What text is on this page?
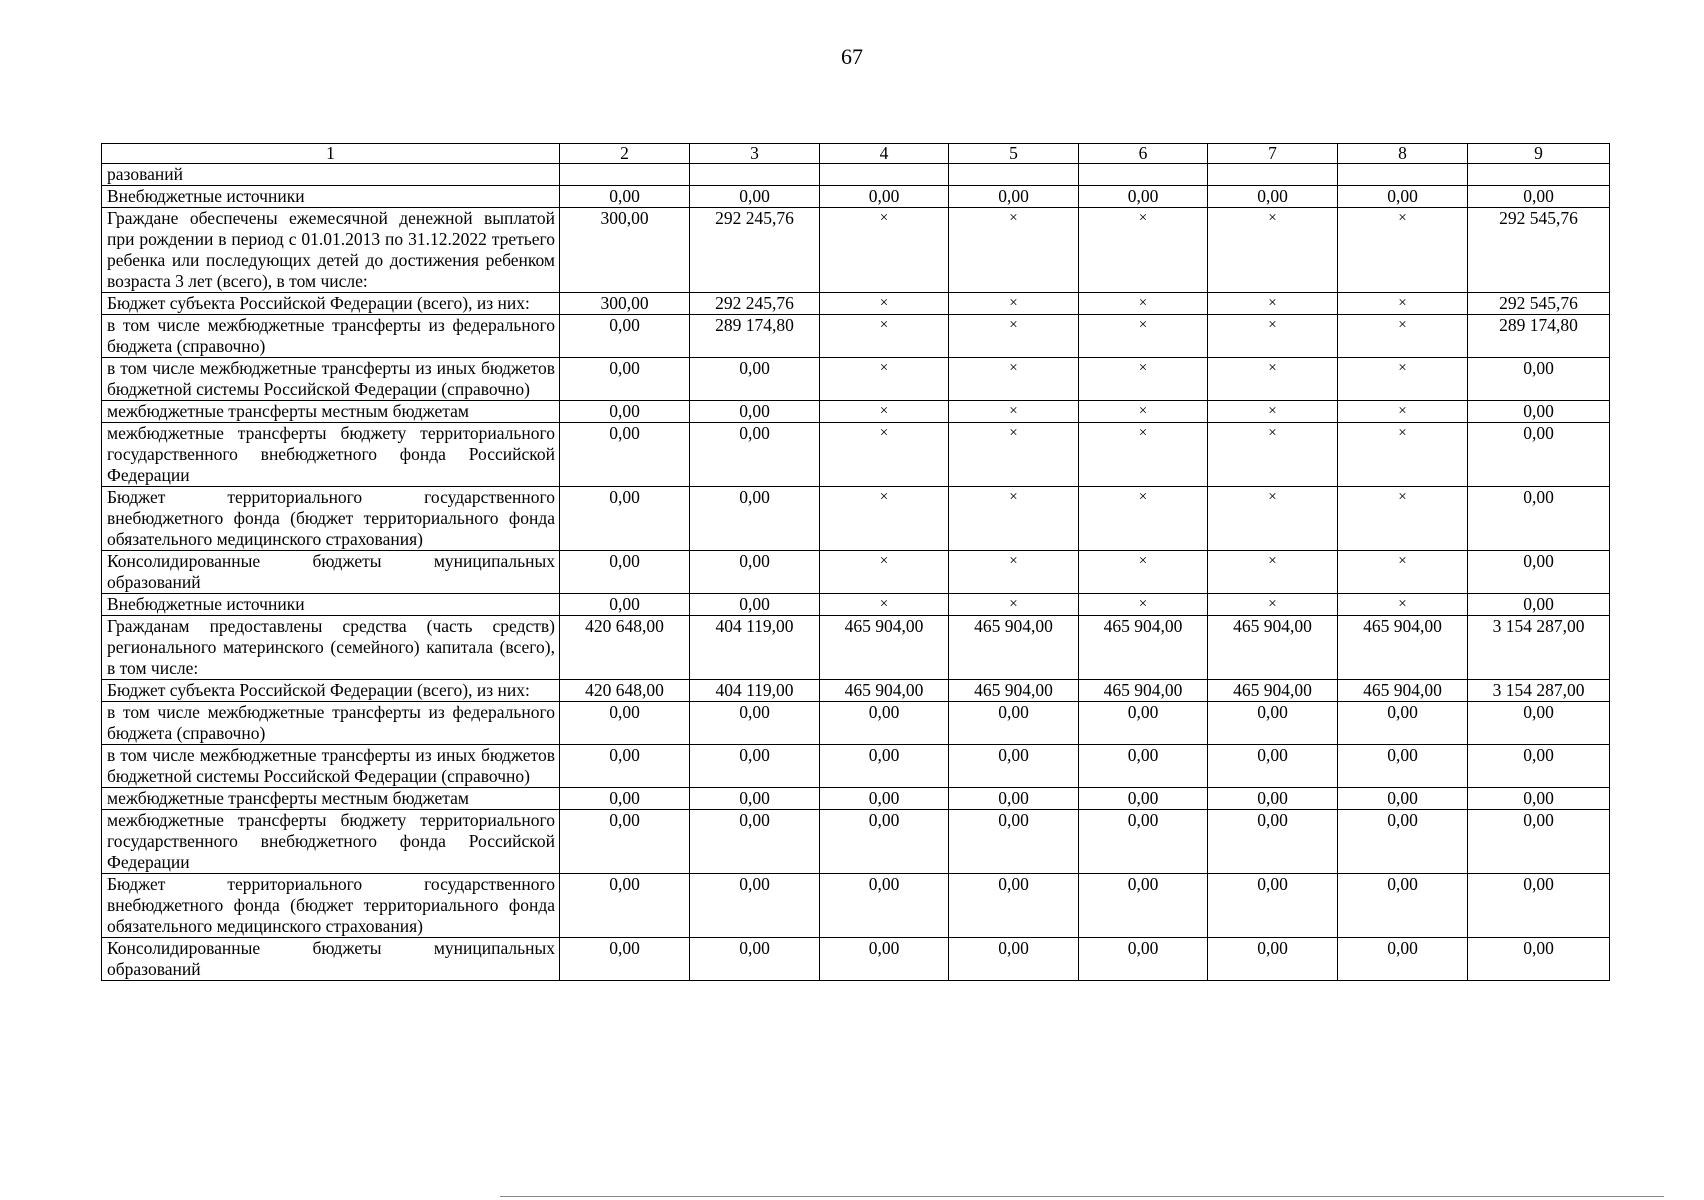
67
1	2	3	4	5	6	7	8	9
разований								
Внебюджетные источники	0,00	0,00	0,00	0,00	0,00	0,00	0,00	0,00
Граждане обеспечены ежемесячной денежной выплатой при рождении в период с 01.01.2013 по 31.12.2022 третьего ребенка или последующих детей до достижения ребенком возраста 3 лет (всего), в том числе:	300,00	292 245,76	×	×	×	×	×	292 545,76
Бюджет субъекта Российской Федерации (всего), из них:	300,00	292 245,76	×	×	×	×	×	292 545,76
в том числе межбюджетные трансферты из федерального бюджета (справочно)	0,00	289 174,80	×	×	×	×	×	289 174,80
в том числе межбюджетные трансферты из иных бюджетов бюджетной системы Российской Федерации (справочно)	0,00	0,00	×	×	×	×	×	0,00
межбюджетные трансферты местным бюджетам	0,00	0,00	×	×	×	×	×	0,00
межбюджетные трансферты бюджету территориального государственного внебюджетного фонда Российской Федерации	0,00	0,00	×	×	×	×	×	0,00
Бюджет территориального государственного внебюджетного фонда (бюджет территориального фонда обязательного медицинского страхования)	0,00	0,00	×	×	×	×	×	0,00
Консолидированные бюджеты муниципальных образований	0,00	0,00	×	×	×	×	×	0,00
Внебюджетные источники	0,00	0,00	×	×	×	×	×	0,00
Гражданам предоставлены средства (часть средств) регионального материнского (семейного) капитала (всего), в том числе:	420 648,00	404 119,00	465 904,00	465 904,00	465 904,00	465 904,00	465 904,00	3 154 287,00
Бюджет субъекта Российской Федерации (всего), из них:	420 648,00	404 119,00	465 904,00	465 904,00	465 904,00	465 904,00	465 904,00	3 154 287,00
в том числе межбюджетные трансферты из федерального бюджета (справочно)	0,00	0,00	0,00	0,00	0,00	0,00	0,00	0,00
в том числе межбюджетные трансферты из иных бюджетов бюджетной системы Российской Федерации (справочно)	0,00	0,00	0,00	0,00	0,00	0,00	0,00	0,00
межбюджетные трансферты местным бюджетам	0,00	0,00	0,00	0,00	0,00	0,00	0,00	0,00
межбюджетные трансферты бюджету территориального государственного внебюджетного фонда Российской Федерации	0,00	0,00	0,00	0,00	0,00	0,00	0,00	0,00
Бюджет территориального государственного внебюджетного фонда (бюджет территориального фонда обязательного медицинского страхования)	0,00	0,00	0,00	0,00	0,00	0,00	0,00	0,00
Консолидированные бюджеты муниципальных образований	0,00	0,00	0,00	0,00	0,00	0,00	0,00	0,00
